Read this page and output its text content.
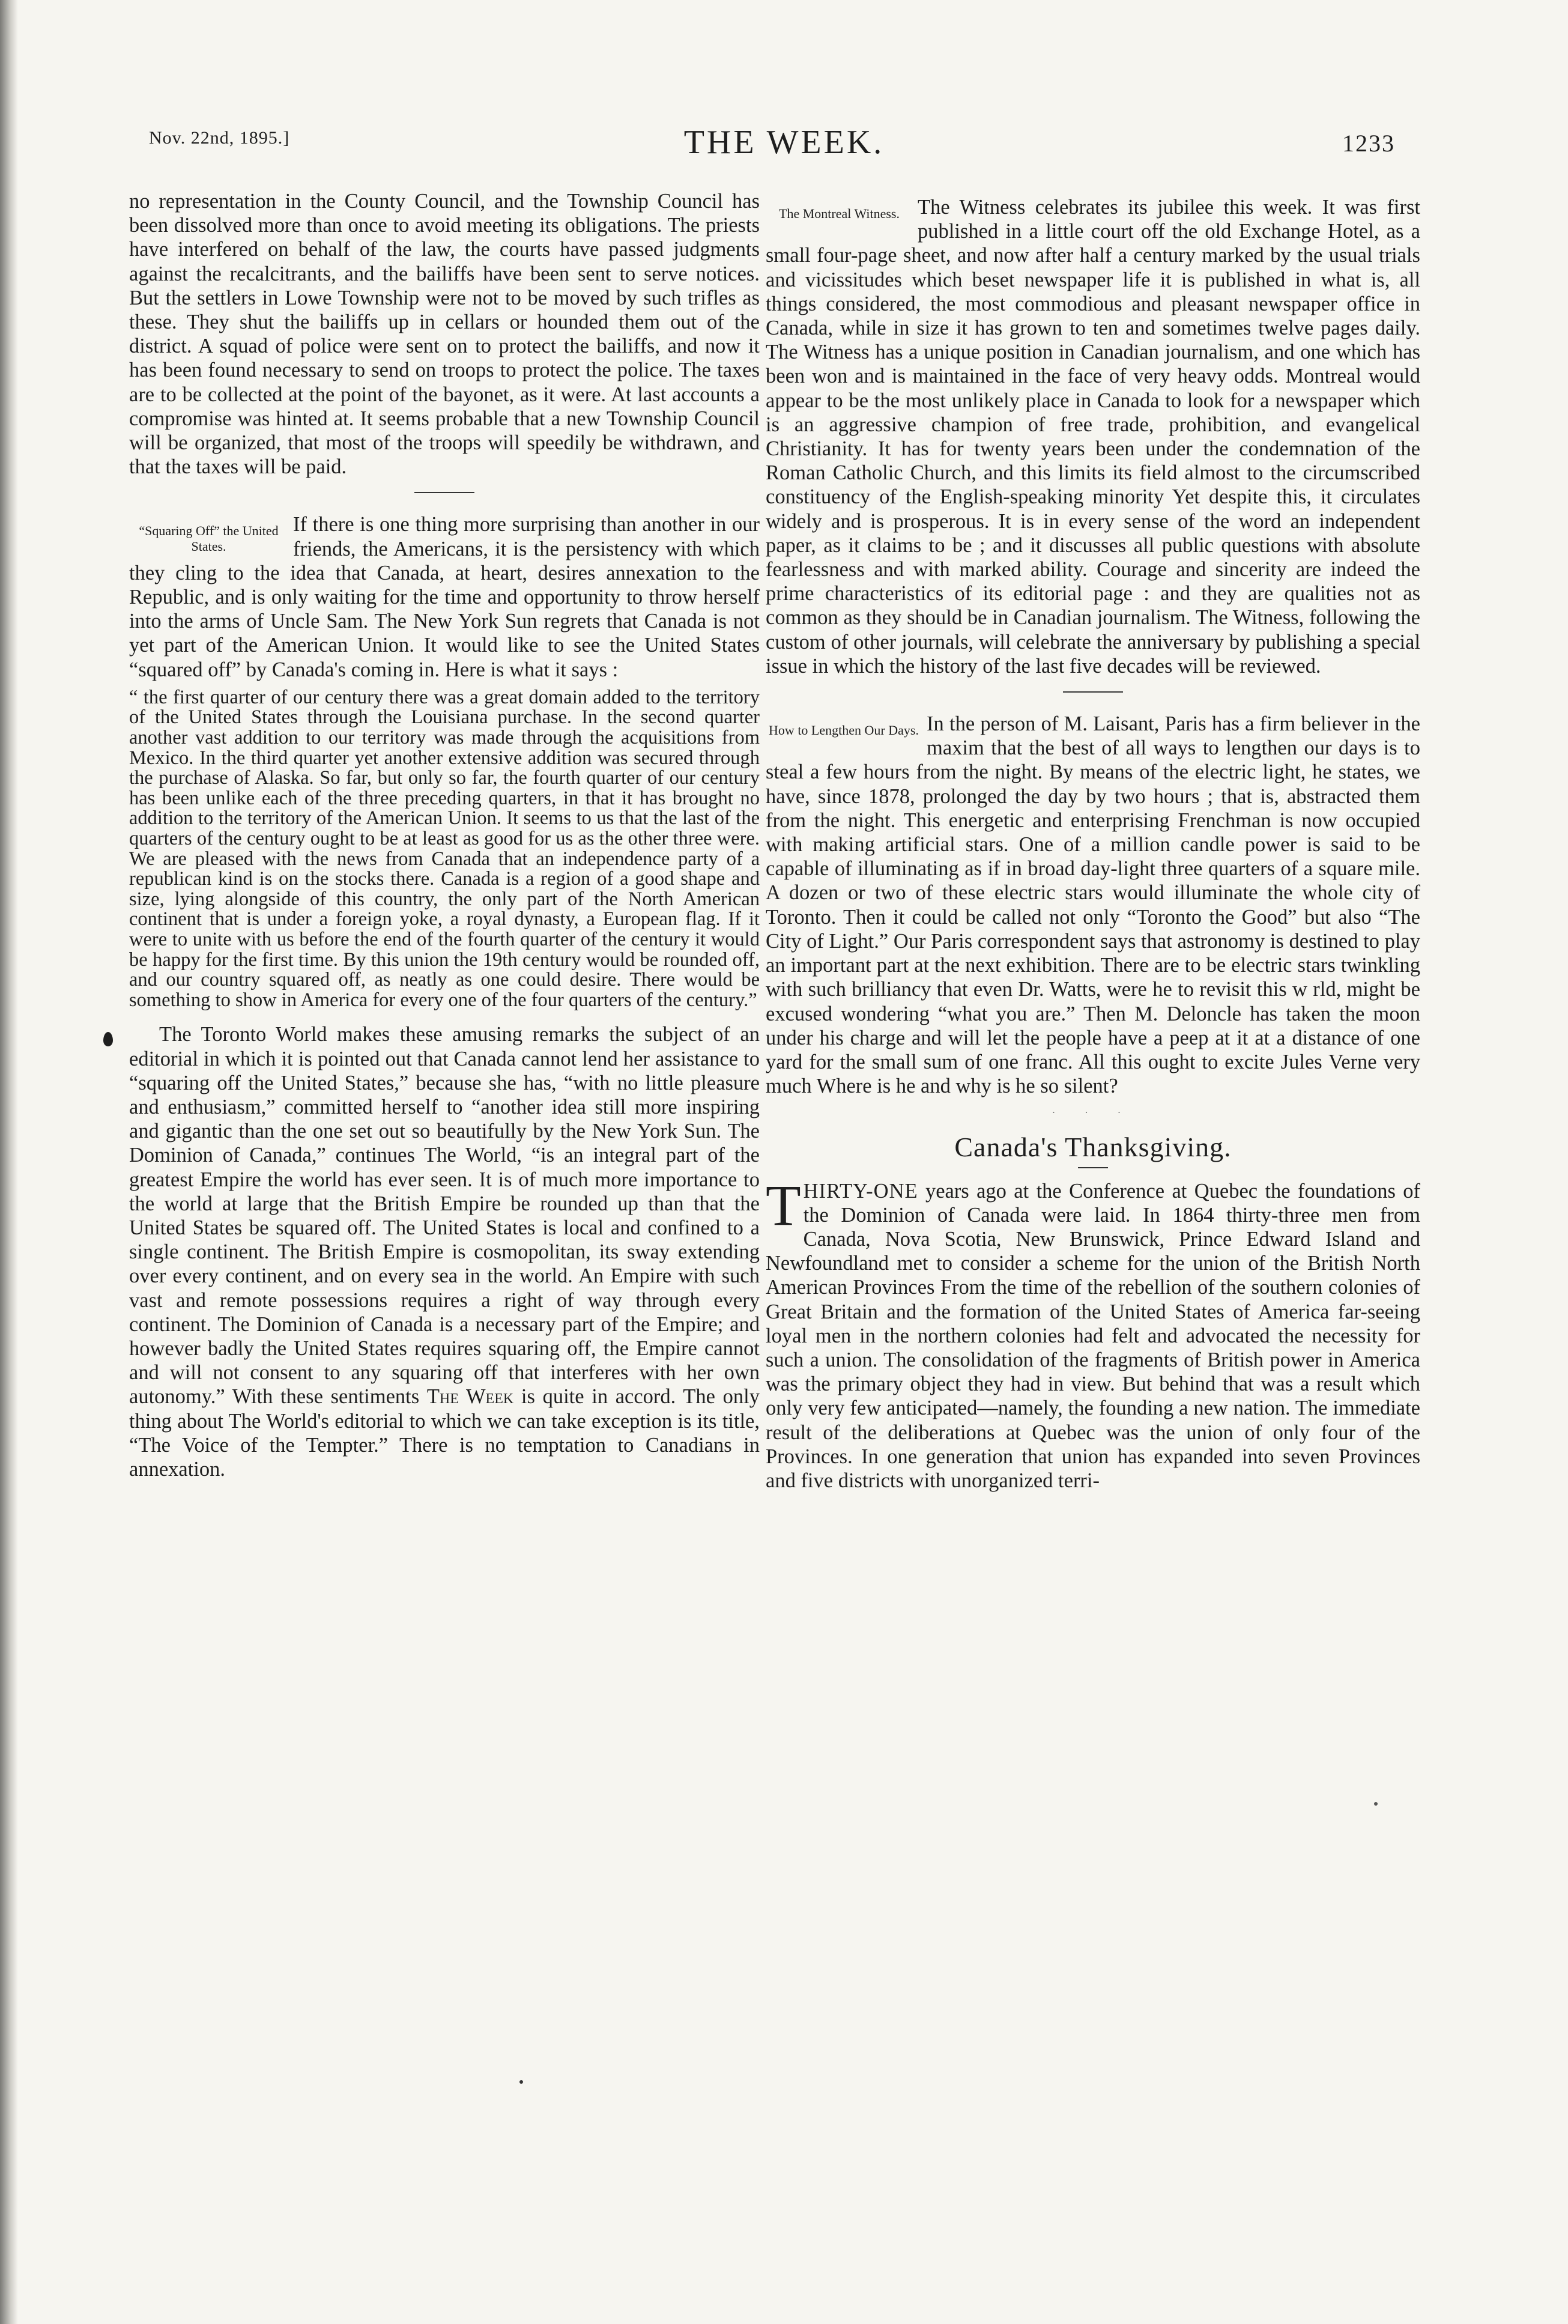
Nov. 22nd, 1895.]	THE WEEK.	1233

no representation in the County Council, and the Township Council has been dissolved more than once to avoid meeting its obligations. The priests have interfered on behalf of the law, the courts have passed judgments against the recalcitrants, and the bailiffs have been sent to serve notices. But the settlers in Lowe Township were not to be moved by such trifles as these. They shut the bailiffs up in cellars or hounded them out of the district. A squad of police were sent on to protect the bailiffs, and now it has been found necessary to send on troops to protect the police. The taxes are to be collected at the point of the bayonet, as it were. At last accounts a compromise was hinted at. It seems probable that a new Township Council will be organized, that most of the troops will speedily be withdrawn, and that the taxes will be paid.

“Squaring Off” the United States.
If there is one thing more surprising than another in our friends, the Americans, it is the persistency with which they cling to the idea that Canada, at heart, desires annexation to the Republic, and is only waiting for the time and opportunity to throw herself into the arms of Uncle Sam. The New York Sun regrets that Canada is not yet part of the American Union. It would like to see the United States “squared off” by Canada's coming in. Here is what it says :

“ the first quarter of our century there was a great domain added to the territory of the United States through the Louisiana purchase. In the second quarter another vast addition to our territory was made through the acquisitions from Mexico. In the third quarter yet another extensive addition was secured through the purchase of Alaska. So far, but only so far, the fourth quarter of our century has been unlike each of the three preceding quarters, in that it has brought no addition to the territory of the American Union. It seems to us that the last of the quarters of the century ought to be at least as good for us as the other three were. We are pleased with the news from Canada that an independence party of a republican kind is on the stocks there. Canada is a region of a good shape and size, lying alongside of this country, the only part of the North American continent that is under a foreign yoke, a royal dynasty, a European flag. If it were to unite with us before the end of the fourth quarter of the century it would be happy for the first time. By this union the 19th century would be rounded off, and our country squared off, as neatly as one could desire. There would be something to show in America for every one of the four quarters of the century.”

The Toronto World makes these amusing remarks the subject of an editorial in which it is pointed out that Canada cannot lend her assistance to “squaring off the United States,” because she has, “with no little pleasure and enthusiasm,” committed herself to “another idea still more inspiring and gigantic than the one set out so beautifully by the New York Sun. The Dominion of Canada,” continues The World, “is an integral part of the greatest Empire the world has ever seen. It is of much more importance to the world at large that the British Empire be rounded up than that the United States be squared off. The United States is local and confined to a single continent. The British Empire is cosmopolitan, its sway extending over every continent, and on every sea in the world. An Empire with such vast and remote possessions requires a right of way through every continent. The Dominion of Canada is a necessary part of the Empire; and however badly the United States requires squaring off, the Empire cannot and will not consent to any squaring off that interferes with her own autonomy.” With these sentiments The Week is quite in accord. The only thing about The World's editorial to which we can take exception is its title, “The Voice of the Tempter.” There is no temptation to Canadians in annexation.

The Montreal Witness. The Witness celebrates its jubilee this week. It was first published in a little court off the old Exchange Hotel, as a small four-page sheet, and now after half a century marked by the usual trials and vicissitudes which beset newspaper life it is published in what is, all things considered, the most commodious and pleasant newspaper office in Canada, while in size it has grown to ten and sometimes twelve pages daily. The Witness has a unique position in Canadian journalism, and one which has been won and is maintained in the face of very heavy odds. Montreal would appear to be the most unlikely place in Canada to look for a newspaper which is an aggressive champion of free trade, prohibition, and evangelical Christianity. It has for twenty years been under the condemnation of the Roman Catholic Church, and this limits its field almost to the circumscribed constituency of the English-speaking minority Yet despite this, it circulates widely and is prosperous. It is in every sense of the word an independent paper, as it claims to be ; and it discusses all public questions with absolute fearlessness and with marked ability. Courage and sincerity are indeed the prime characteristics of its editorial page : and they are qualities not as common as they should be in Canadian journalism. The Witness, following the custom of other journals, will celebrate the anniversary by publishing a special issue in which the history of the last five decades will be reviewed.
How to Lengthen Our Days. In the person of M. Laisant, Paris has a firm believer in the maxim that the best of all ways to lengthen our days is to steal a few hours from the night. By means of the electric light, he states, we have, since 1878, prolonged the day by two hours ; that is, abstracted them from the night. This energetic and enterprising Frenchman is now occupied with making artificial stars. One of a million candle power is said to be capable of illuminating as if in broad day-light three quarters of a square mile. A dozen or two of these electric stars would illuminate the whole city of Toronto. Then it could be called not only “Toronto the Good” but also “The City of Light.” Our Paris correspondent says that astronomy is destined to play an important part at the next exhibition. There are to be electric stars twinkling with such brilliancy that even Dr. Watts, were he to revisit this w rld, might be excused wondering “what you are.” Then M. Deloncle has taken the moon under his charge and will let the people have a peep at it at a distance of one yard for the small sum of one franc. All this ought to excite Jules Verne very much Where is he and why is he so silent?
· · ·
Canada's Thanksgiving.
THIRTY-ONE years ago at the Conference at Quebec the foundations of the Dominion of Canada were laid. In 1864 thirty-three men from Canada, Nova Scotia, New Brunswick, Prince Edward Island and Newfoundland met to consider a scheme for the union of the British North American Provinces From the time of the rebellion of the southern colonies of Great Britain and the formation of the United States of America far-seeing loyal men in the northern colonies had felt and advocated the necessity for such a union. The consolidation of the fragments of British power in America was the primary object they had in view. But behind that was a result which only very few anticipated—namely, the founding a new nation. The immediate result of the deliberations at Quebec was the union of only four of the Provinces. In one generation that union has expanded into seven Provinces and five districts with unorganized terri-
